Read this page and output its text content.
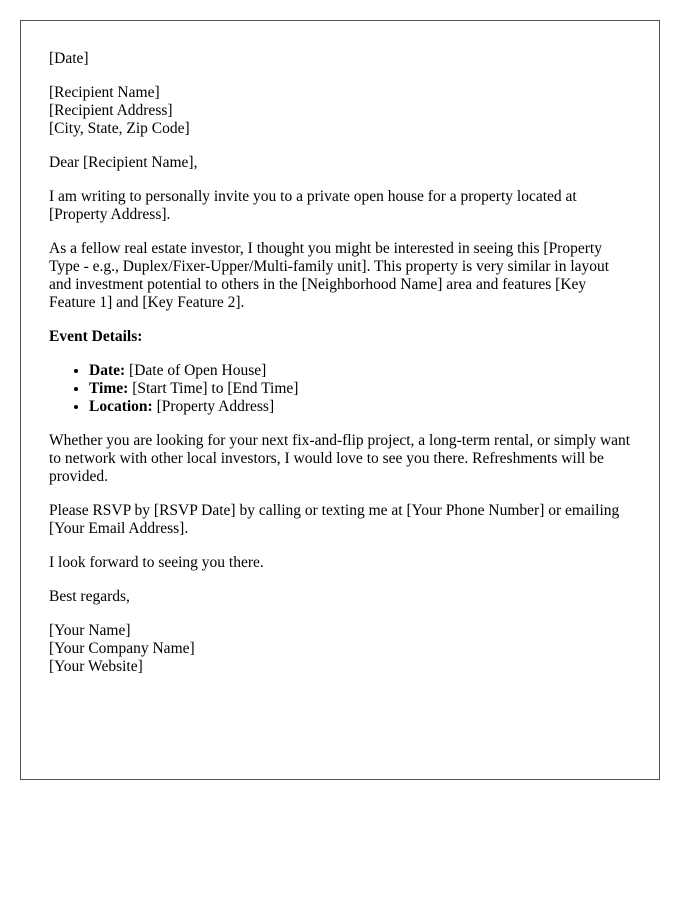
[Date]

[Recipient Name]
[Recipient Address]
[City, State, Zip Code]

Dear [Recipient Name],

I am writing to personally invite you to a private open house for a property located at [Property Address].

As a fellow real estate investor, I thought you might be interested in seeing this [Property Type - e.g., Duplex/Fixer-Upper/Multi-family unit]. This property is very similar in layout and investment potential to others in the [Neighborhood Name] area and features [Key Feature 1] and [Key Feature 2].

Event Details:
• Date: [Date of Open House]
• Time: [Start Time] to [End Time]
• Location: [Property Address]

Whether you are looking for your next fix-and-flip project, a long-term rental, or simply want to network with other local investors, I would love to see you there. Refreshments will be provided.

Please RSVP by [RSVP Date] by calling or texting me at [Your Phone Number] or emailing [Your Email Address].

I look forward to seeing you there.

Best regards,

[Your Name]
[Your Company Name]
[Your Website]
